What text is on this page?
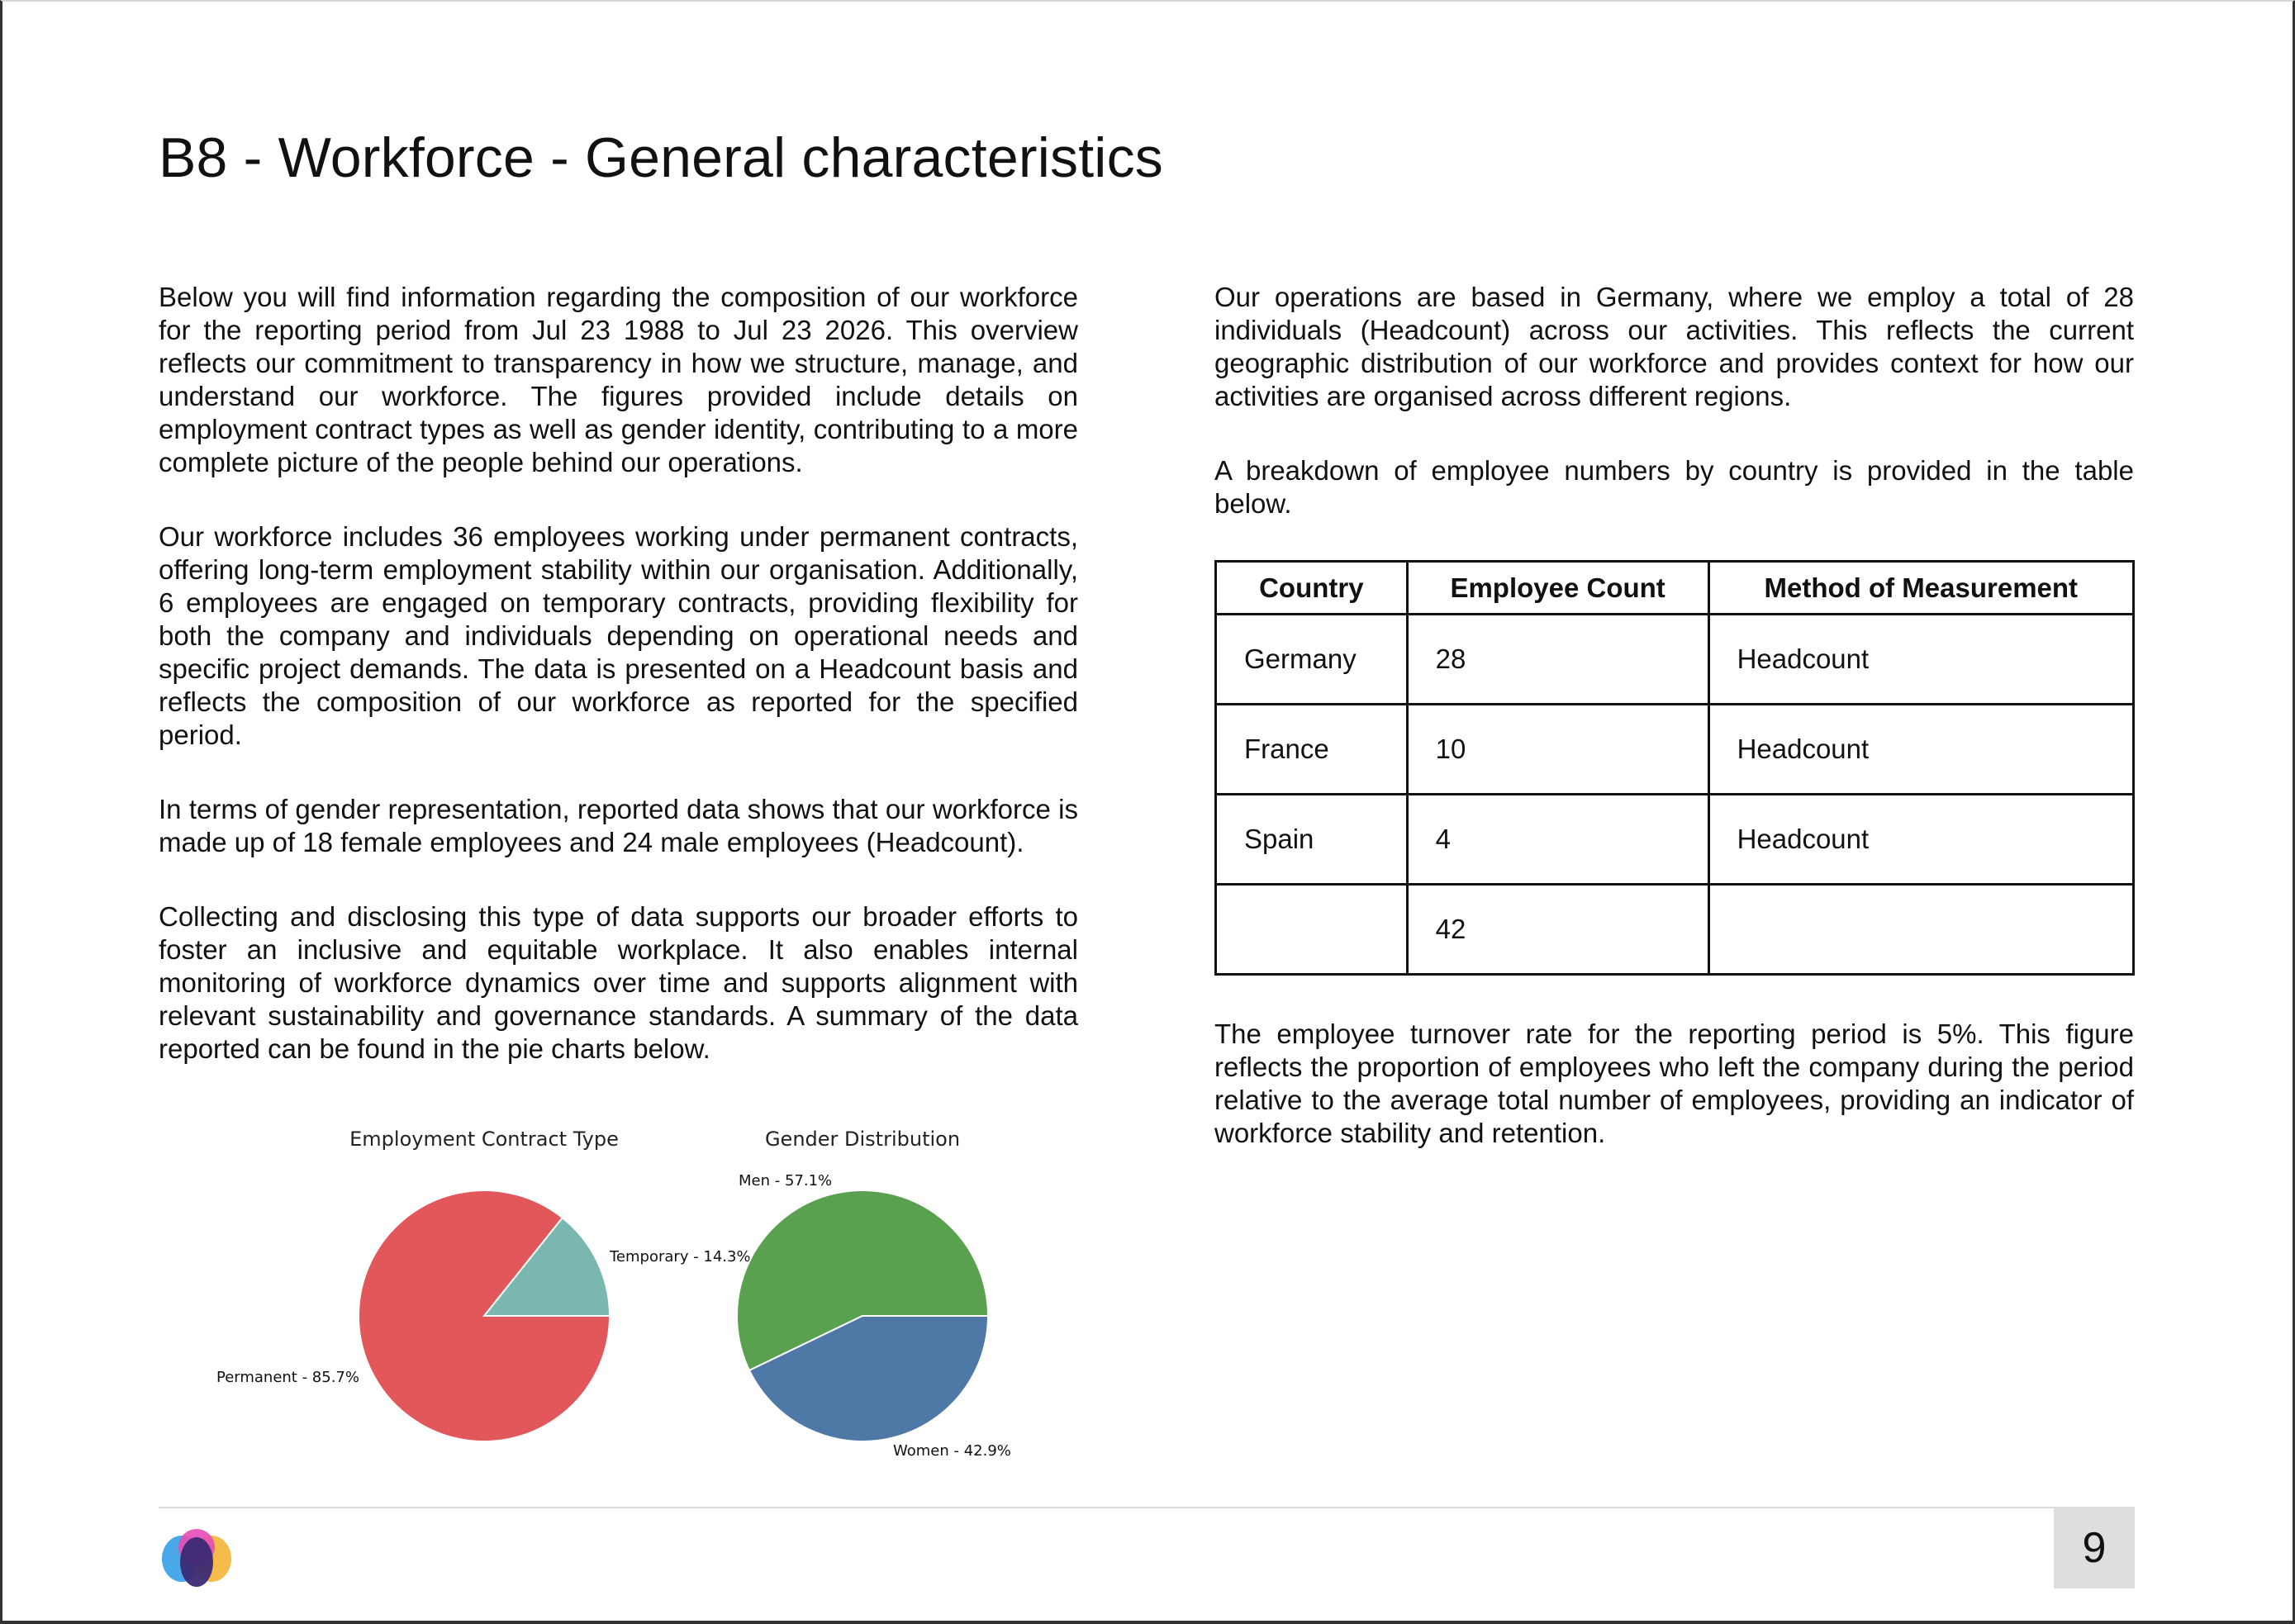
B8 - Workforce - General characteristics

Below you will find information regarding the composition of our workforce for the reporting period from Jul 23 1988 to Jul 23 2026. This overview reflects our commitment to transparency in how we structure, manage, and understand our workforce. The figures provided include details on employment contract types as well as gender identity, contributing to a more complete picture of the people behind our operations.

Our workforce includes 36 employees working under permanent contracts, offering long-term employment stability within our organisation. Additionally, 6 employees are engaged on temporary contracts, providing flexibility for both the company and individuals depending on operational needs and specific project demands. The data is presented on a Headcount basis and reflects the composition of our workforce as reported for the specified period.

In terms of gender representation, reported data shows that our workforce is made up of 18 female employees and 24 male employees (Headcount).

Collecting and disclosing this type of data supports our broader efforts to foster an inclusive and equitable workplace. It also enables internal monitoring of workforce dynamics over time and supports alignment with relevant sustainability and governance standards. A summary of the data reported can be found in the pie charts below.

Our operations are based in Germany, where we employ a total of 28 individuals (Headcount) across our activities. This reflects the current geographic distribution of our workforce and provides context for how our activities are organised across different regions.

A breakdown of employee numbers by country is provided in the table below.

Country	Employee Count	Method of Measurement
Germany	28	Headcount
France	10	Headcount
Spain	4	Headcount
	42	

The employee turnover rate for the reporting period is 5%. This figure reflects the proportion of employees who left the company during the period relative to the average total number of employees, providing an indicator of workforce stability and retention.

Employment Contract Type
Permanent - 85.7%
Temporary - 14.3%
Gender Distribution
Men - 57.1%
Women - 42.9%
9
